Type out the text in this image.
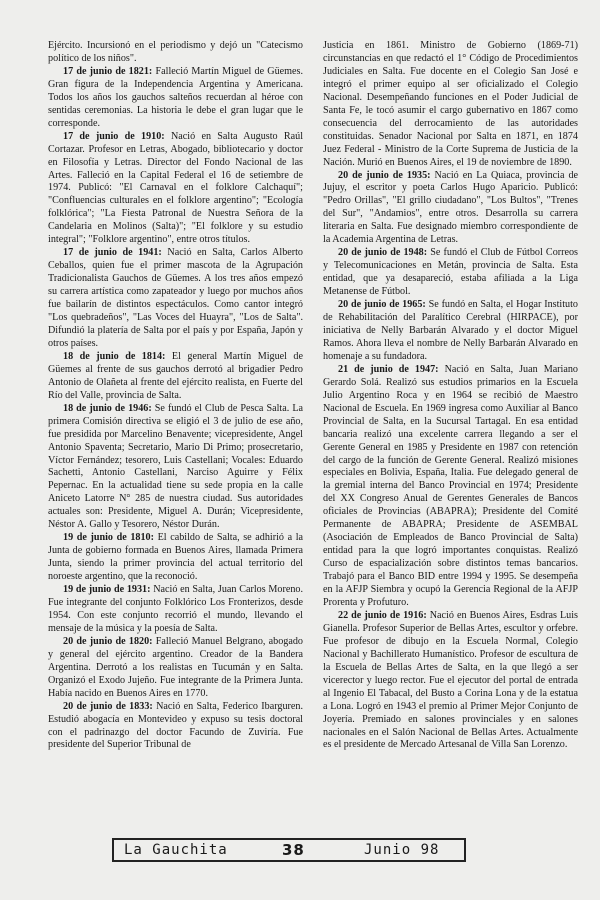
Ejército. Incursionó en el periodismo y dejó un "Catecismo político de los niños".

17 de junio de 1821: Falleció Martín Miguel de Güemes. Gran figura de la Independencia Argentina y Americana. Todos los años los gauchos salteños recuerdan al héroe con sentidas ceremonias. La historia le debe el gran lugar que le corresponde.

17 de junio de 1910: Nació en Salta Augusto Raúl Cortazar. Profesor en Letras, Abogado, bibliotecario y doctor en Filosofía y Letras. Director del Fondo Nacional de las Artes. Falleció en la Capital Federal el 16 de setiembre de 1974. Publicó: "El Carnaval en el folklore Calchaquí"; "Confluencias culturales en el folklore argentino"; "Ecología folklórica"; "La Fiesta Patronal de Nuestra Señora de la Candelaria en Molinos (Salta)"; "El folklore y su estudio integral"; "Folklore argentino", entre otros títulos.

17 de junio de 1941: Nació en Salta, Carlos Alberto Ceballos, quien fue el primer mascota de la Agrupación Tradicionalista Gauchos de Güemes. A los tres años empezó su carrera artística como zapateador y luego por muchos años fue bailarín de distintos espectáculos. Como cantor integró "Los quebradeños", "Las Voces del Huayra", "Los de Salta". Difundió la platería de Salta por el país y por España, Japón y otros países.

18 de junio de 1814: El general Martín Miguel de Güemes al frente de sus gauchos derrotó al brigadier Pedro Antonio de Olañeta al frente del ejército realista, en Fuerte del Río del Valle, provincia de Salta.

18 de junio de 1946: Se fundó el Club de Pesca Salta. La primera Comisión directiva se eligió el 3 de julio de ese año, fue presidida por Marcelino Benavente; vicepresidente, Angel Antonio Spaventa; Secretario, Mario Di Primo; prosecretario, Víctor Fernández; tesorero, Luis Castellani; Vocales: Eduardo Sachetti, Antonio Castellani, Narciso Aguirre y Félix Pepernac. En la actualidad tiene su sede propia en la calle Aniceto Latorre N° 285 de nuestra ciudad. Sus autoridades actuales son: Presidente, Miguel A. Durán; Vicepresidente, Néstor A. Gallo y Tesorero, Néstor Durán.

19 de junio de 1810: El cabildo de Salta, se adhirió a la Junta de gobierno formada en Buenos Aires, llamada Primera Junta, siendo la primer provincia del actual territorio del noroeste argentino, que la reconoció.

19 de junio de 1931: Nació en Salta, Juan Carlos Moreno. Fue integrante del conjunto Folklórico Los Fronterizos, desde 1954. Con este conjunto recorrió el mundo, llevando el mensaje de la música y la poesía de Salta.

20 de junio de 1820: Falleció Manuel Belgrano, abogado y general del ejército argentino. Creador de la Bandera Argentina. Derrotó a los realistas en Tucumán y en Salta. Organizó el Exodo Jujeño. Fue integrante de la Primera Junta. Había nacido en Buenos Aires en 1770.

20 de junio de 1833: Nació en Salta, Federico Ibarguren. Estudió abogacía en Montevideo y expuso su tesis doctoral con el padrinazgo del doctor Facundo de Zuviría. Fue presidente del Superior Tribunal de

Justicia en 1861. Ministro de Gobierno (1869-71) circunstancias en que redactó el 1° Código de Procedimientos Judiciales en Salta. Fue docente en el Colegio San José e integró el primer equipo al ser oficializado el Colegio Nacional. Desempeñando funciones en el Poder Judicial de Santa Fe, le tocó asumir el cargo gubernativo en 1867 como consecuencia del derrocamiento de las autoridades constituidas. Senador Nacional por Salta en 1871, en 1874 Juez Federal - Ministro de la Corte Suprema de Justicia de la Nación. Murió en Buenos Aires, el 19 de noviembre de 1890.

20 de junio de 1935: Nació en La Quiaca, provincia de Jujuy, el escritor y poeta Carlos Hugo Aparicio. Publicó: "Pedro Orillas", "El grillo ciudadano", "Los Bultos", "Trenes del Sur", "Andamios", entre otros. Desarrolla su carrera literaria en Salta. Fue designado miembro correspondiente de la Academia Argentina de Letras.

20 de junio de 1948: Se fundó el Club de Fútbol Correos y Telecomunicaciones en Metán, provincia de Salta. Esta entidad, que ya desapareció, estaba afiliada a la Liga Metanense de Fútbol.

20 de junio de 1965: Se fundó en Salta, el Hogar Instituto de Rehabilitación del Paralítico Cerebral (HIRPACE), por iniciativa de Nelly Barbarán Alvarado y el doctor Miguel Ramos. Ahora lleva el nombre de Nelly Barbarán Alvarado en homenaje a su fundadora.

21 de junio de 1947: Nació en Salta, Juan Mariano Gerardo Solá. Realizó sus estudios primarios en la Escuela Julio Argentino Roca y en 1964 se recibió de Maestro Nacional de Escuela. En 1969 ingresa como Auxiliar al Banco Provincial de Salta, en la Sucursal Tartagal. En esa entidad bancaria realizó una excelente carrera llegando a ser el Gerente General en 1985 y Presidente en 1987 con retención del cargo de la función de Gerente General. Realizó misiones especiales en Bolivia, España, Italia. Fue delegado general de la gremial interna del Banco Provincial en 1974; Presidente del XX Congreso Anual de Gerentes Generales de Bancos oficiales de Provincias (ABAPRA); Presidente del Comité Permanente de ABAPRA; Presidente de ASEMBAL (Asociación de Empleados de Banco Provincial de Salta) entidad para la que logró importantes conquistas. Realizó Curso de espacialización sobre distintos temas bancarios. Trabajó para el Banco BID entre 1994 y 1995. Se desempeña en la AFJP Siembra y ocupó la Gerencia Regional de la AFJP Prorenta y Profuturo.

22 de junio de 1916: Nació en Buenos Aires, Esdras Luis Gianella. Profesor Superior de Bellas Artes, escultor y orfebre. Fue profesor de dibujo en la Escuela Normal, Colegio Nacional y Bachillerato Humanístico. Profesor de escultura de la Escuela de Bellas Artes de Salta, en la que llegó a ser vicerector y luego rector. Fue el ejecutor del portal de entrada al Ingenio El Tabacal, del Busto a Corina Lona y de la estatua a Lona. Logró en 1943 el premio al Primer Mejor Conjunto de Joyería. Premiado en salones provinciales y en salones nacionales en el Salón Nacional de Bellas Artes. Actualmente es el presidente de Mercado Artesanal de Villa San Lorenzo.

La Gauchita	38	Junio 98
